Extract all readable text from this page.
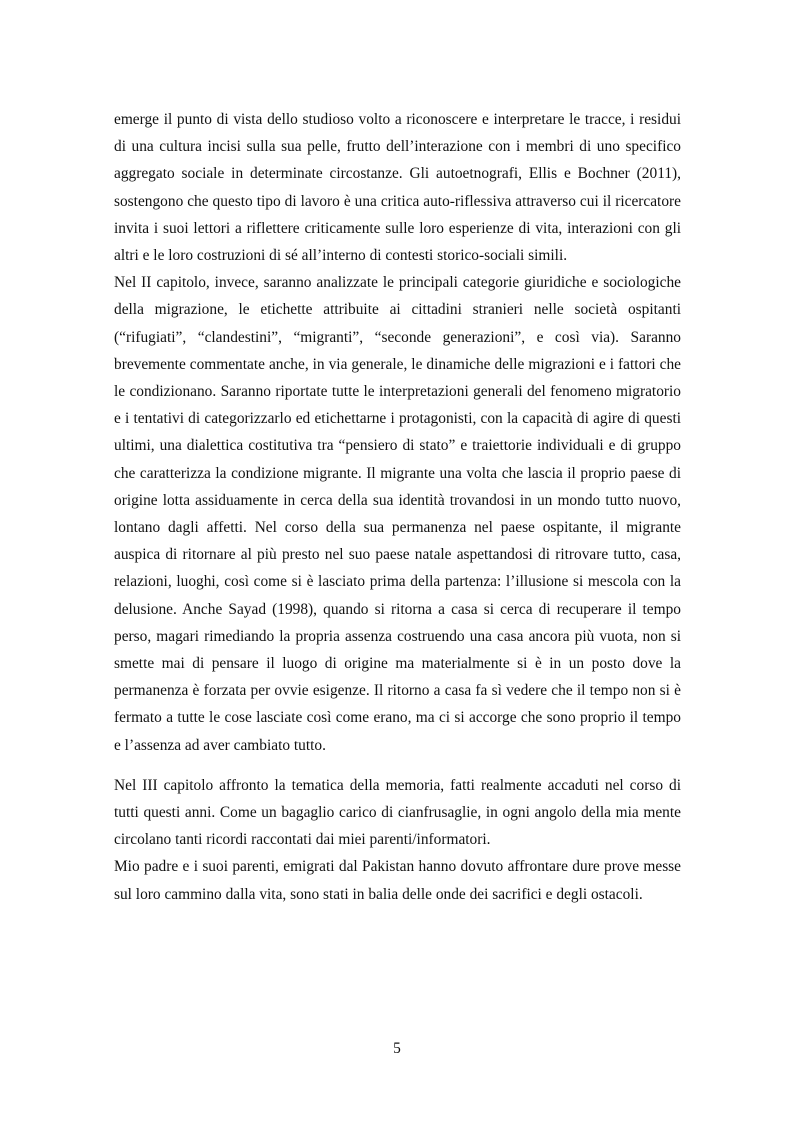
emerge il punto di vista dello studioso volto a riconoscere e interpretare le tracce, i residui di una cultura incisi sulla sua pelle, frutto dell’interazione con i membri di uno specifico aggregato sociale in determinate circostanze. Gli autoetnografi, Ellis e Bochner (2011), sostengono che questo tipo di lavoro è una critica auto-riflessiva attraverso cui il ricercatore invita i suoi lettori a riflettere criticamente sulle loro esperienze di vita, interazioni con gli altri e le loro costruzioni di sé all’interno di contesti storico-sociali simili.

Nel II capitolo, invece, saranno analizzate le principali categorie giuridiche e sociologiche della migrazione, le etichette attribuite ai cittadini stranieri nelle società ospitanti (“rifugiati”, “clandestini”, “migranti”, “seconde generazioni”, e così via). Saranno brevemente commentate anche, in via generale, le dinamiche delle migrazioni e i fattori che le condizionano. Saranno riportate tutte le interpretazioni generali del fenomeno migratorio e i tentativi di categorizzarlo ed etichettarne i protagonisti, con la capacità di agire di questi ultimi, una dialettica costitutiva tra “pensiero di stato” e traiettorie individuali e di gruppo che caratterizza la condizione migrante. Il migrante una volta che lascia il proprio paese di origine lotta assiduamente in cerca della sua identità trovandosi in un mondo tutto nuovo, lontano dagli affetti. Nel corso della sua permanenza nel paese ospitante, il migrante auspica di ritornare al più presto nel suo paese natale aspettandosi di ritrovare tutto, casa, relazioni, luoghi, così come si è lasciato prima della partenza: l’illusione si mescola con la delusione. Anche Sayad (1998), quando si ritorna a casa si cerca di recuperare il tempo perso, magari rimediando la propria assenza costruendo una casa ancora più vuota, non si smette mai di pensare il luogo di origine ma materialmente si è in un posto dove la permanenza è forzata per ovvie esigenze. Il ritorno a casa fa sì vedere che il tempo non si è fermato a tutte le cose lasciate così come erano, ma ci si accorge che sono proprio il tempo e l’assenza ad aver cambiato tutto.

Nel III capitolo affronto la tematica della memoria, fatti realmente accaduti nel corso di tutti questi anni. Come un bagaglio carico di cianfrusaglie, in ogni angolo della mia mente circolano tanti ricordi raccontati dai miei parenti/informatori.

Mio padre e i suoi parenti, emigrati dal Pakistan hanno dovuto affrontare dure prove messe sul loro cammino dalla vita, sono stati in balia delle onde dei sacrifici e degli ostacoli.

5
